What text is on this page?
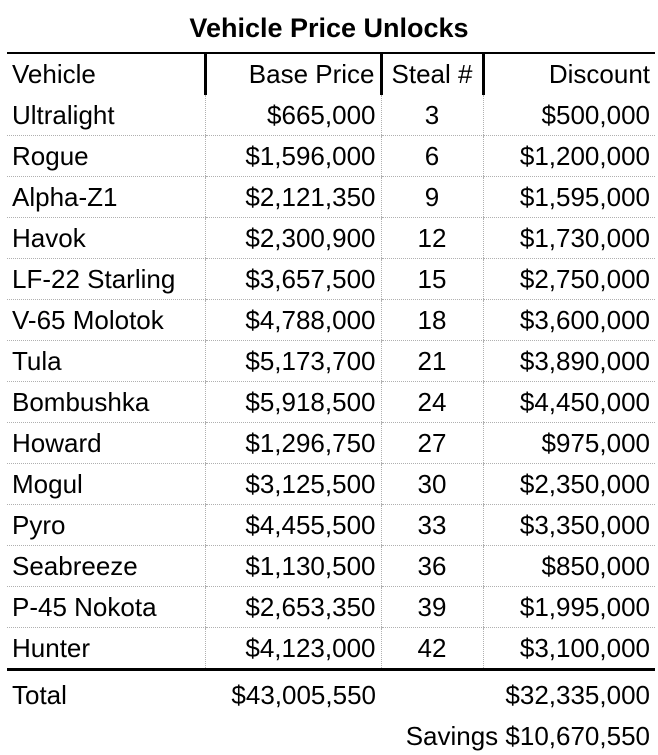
Vehicle Price Unlocks
Vehicle	Base Price	Steal #	Discount
Ultralight	$665,000	3	$500,000
Rogue	$1,596,000	6	$1,200,000
Alpha-Z1	$2,121,350	9	$1,595,000
Havok	$2,300,900	12	$1,730,000
LF-22 Starling	$3,657,500	15	$2,750,000
V-65 Molotok	$4,788,000	18	$3,600,000
Tula	$5,173,700	21	$3,890,000
Bombushka	$5,918,500	24	$4,450,000
Howard	$1,296,750	27	$975,000
Mogul	$3,125,500	30	$2,350,000
Pyro	$4,455,500	33	$3,350,000
Seabreeze	$1,130,500	36	$850,000
P-45 Nokota	$2,653,350	39	$1,995,000
Hunter	$4,123,000	42	$3,100,000
Total	$43,005,550		$32,335,000
Savings $10,670,550			
